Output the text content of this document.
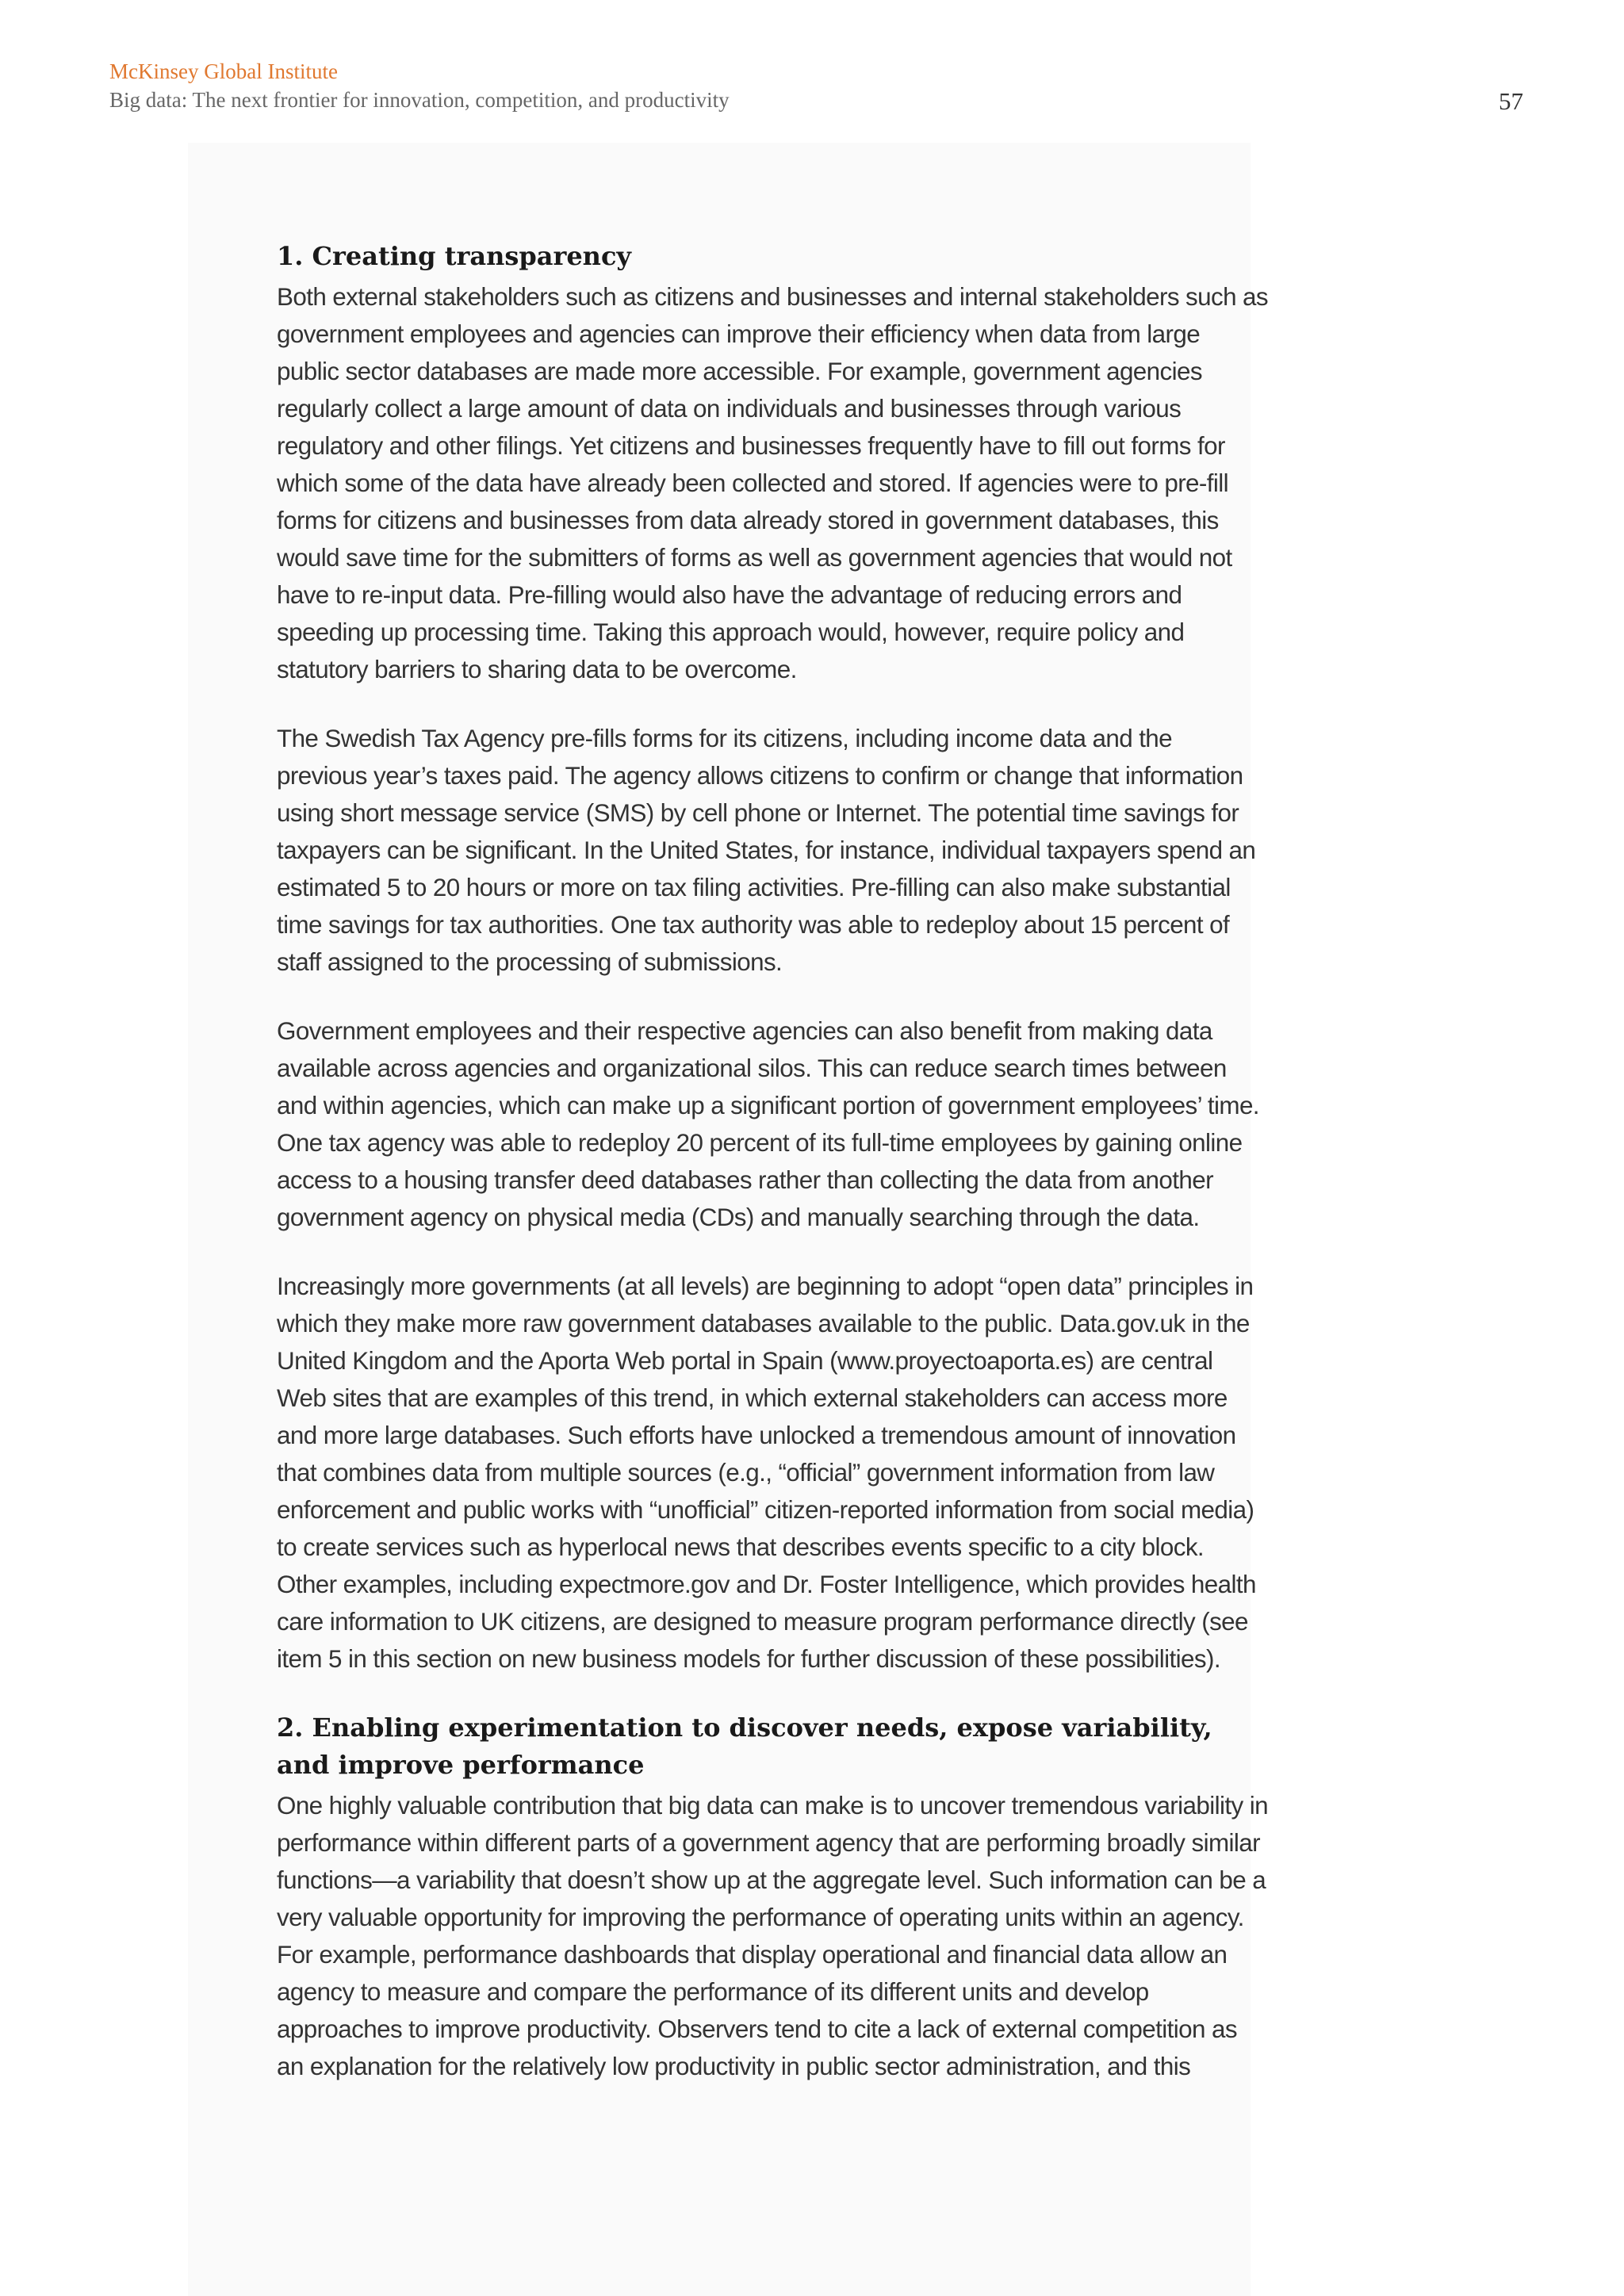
McKinsey Global Institute
Big data: The next frontier for innovation, competition, and productivity	57
1. Creating transparency

Both external stakeholders such as citizens and businesses and internal stakeholders such as government employees and agencies can improve their efficiency when data from large public sector databases are made more accessible. For example, government agencies regularly collect a large amount of data on individuals and businesses through various regulatory and other filings. Yet citizens and businesses frequently have to fill out forms for which some of the data have already been collected and stored. If agencies were to pre-fill forms for citizens and businesses from data already stored in government databases, this would save time for the submitters of forms as well as government agencies that would not have to re-input data. Pre-filling would also have the advantage of reducing errors and speeding up processing time. Taking this approach would, however, require policy and statutory barriers to sharing data to be overcome.

The Swedish Tax Agency pre-fills forms for its citizens, including income data and the previous year’s taxes paid. The agency allows citizens to confirm or change that information using short message service (SMS) by cell phone or Internet. The potential time savings for taxpayers can be significant. In the United States, for instance, individual taxpayers spend an estimated 5 to 20 hours or more on tax filing activities. Pre-filling can also make substantial time savings for tax authorities. One tax authority was able to redeploy about 15 percent of staff assigned to the processing of submissions.

Government employees and their respective agencies can also benefit from making data available across agencies and organizational silos. This can reduce search times between and within agencies, which can make up a significant portion of government employees’ time. One tax agency was able to redeploy 20 percent of its full-time employees by gaining online access to a housing transfer deed databases rather than collecting the data from another government agency on physical media (CDs) and manually searching through the data.

Increasingly more governments (at all levels) are beginning to adopt “open data” principles in which they make more raw government databases available to the public. Data.gov.uk in the United Kingdom and the Aporta Web portal in Spain (www.proyectoaporta.es) are central Web sites that are examples of this trend, in which external stakeholders can access more and more large databases. Such efforts have unlocked a tremendous amount of innovation that combines data from multiple sources (e.g., “official” government information from law enforcement and public works with “unofficial” citizen-reported information from social media) to create services such as hyperlocal news that describes events specific to a city block. Other examples, including expectmore.gov and Dr. Foster Intelligence, which provides health care information to UK citizens, are designed to measure program performance directly (see item 5 in this section on new business models for further discussion of these possibilities).

2. Enabling experimentation to discover needs, expose variability, and improve performance

One highly valuable contribution that big data can make is to uncover tremendous variability in performance within different parts of a government agency that are performing broadly similar functions—a variability that doesn’t show up at the aggregate level. Such information can be a very valuable opportunity for improving the performance of operating units within an agency. For example, performance dashboards that display operational and financial data allow an agency to measure and compare the performance of its different units and develop approaches to improve productivity. Observers tend to cite a lack of external competition as an explanation for the relatively low productivity in public sector administration, and this
